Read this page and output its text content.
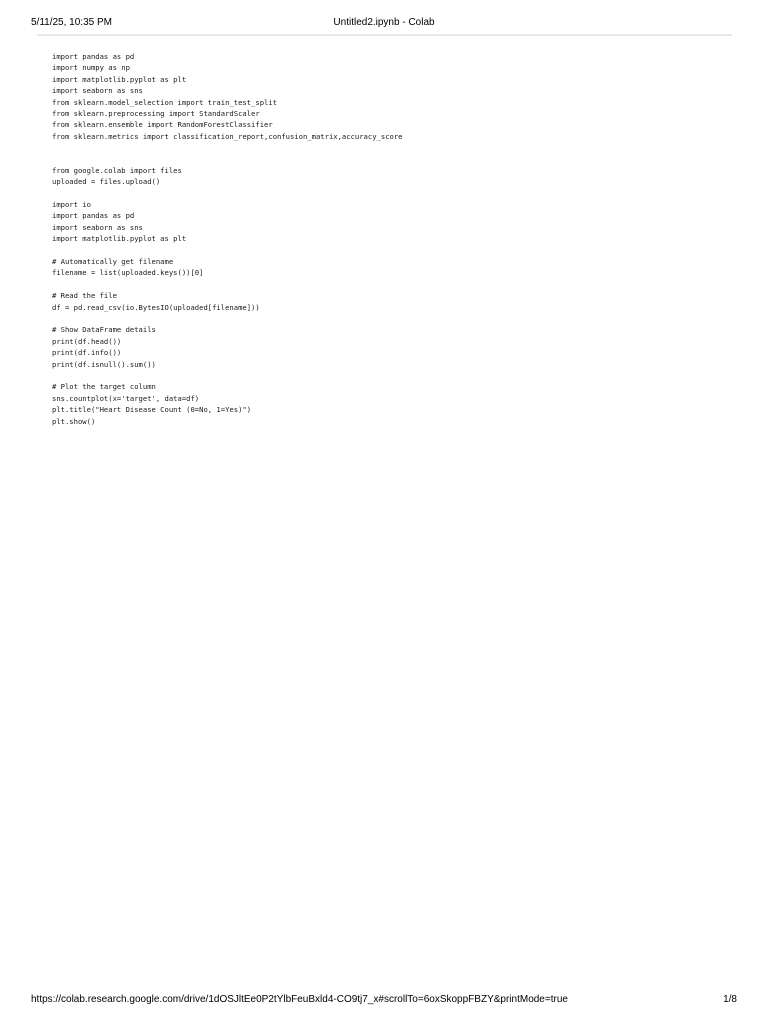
5/11/25, 10:35 PM	Untitled2.ipynb - Colab
import pandas as pd
import numpy as np
import matplotlib.pyplot as plt
import seaborn as sns
from sklearn.model_selection import train_test_split
from sklearn.preprocessing import StandardScaler
from sklearn.ensemble import RandomForestClassifier
from sklearn.metrics import classification_report,confusion_matrix,accuracy_score
from google.colab import files
uploaded = files.upload()
import io
import pandas as pd
import seaborn as sns
import matplotlib.pyplot as plt
# Automatically get filename
filename = list(uploaded.keys())[0]
# Read the file
df = pd.read_csv(io.BytesIO(uploaded[filename]))
# Show DataFrame details
print(df.head())
print(df.info())
print(df.isnull().sum())
# Plot the target column
sns.countplot(x='target', data=df)
plt.title("Heart Disease Count (0=No, 1=Yes)")
plt.show()
https://colab.research.google.com/drive/1dOSJltEe0P2tYlbFeuBxld4-CO9tj7_x#scrollTo=6oxSkoppFBZY&printMode=true	1/8
